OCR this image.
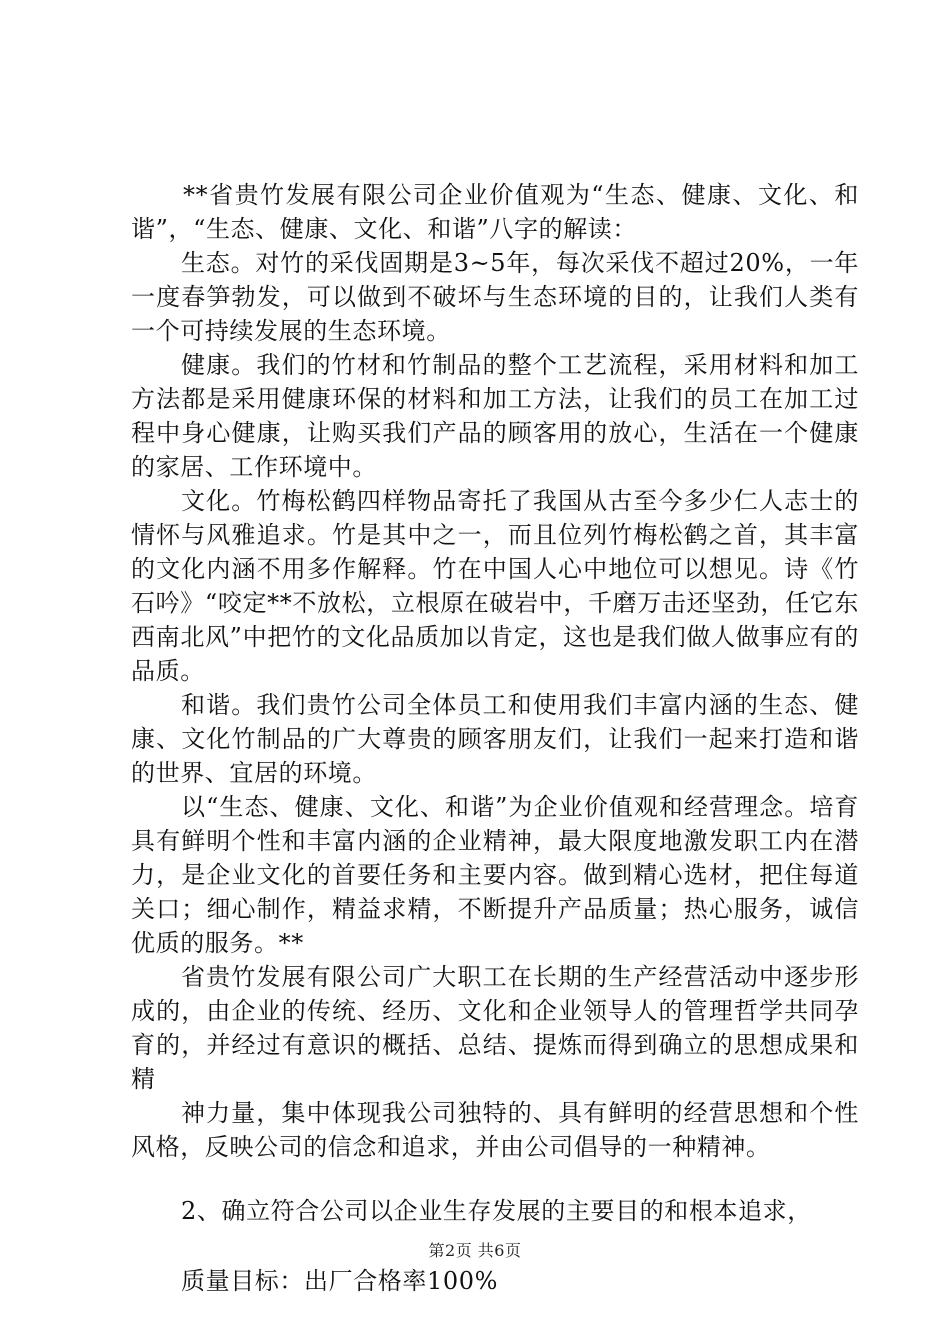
**省贵竹发展有限公司企业价值观为“生态、健康、文化、和谐”，“生态、健康、文化、和谐”八字的解读：

生态。对竹的采伐固期是3~5年，每次采伐不超过20%，一年一度春笋勃发，可以做到不破坏与生态环境的目的，让我们人类有一个可持续发展的生态环境。

健康。我们的竹材和竹制品的整个工艺流程，采用材料和加工方法都是采用健康环保的材料和加工方法，让我们的员工在加工过程中身心健康，让购买我们产品的顾客用的放心，生活在一个健康的家居、工作环境中。

文化。竹梅松鹤四样物品寄托了我国从古至今多少仁人志士的情怀与风雅追求。竹是其中之一，而且位列竹梅松鹤之首，其丰富的文化内涵不用多作解释。竹在中国人心中地位可以想见。诗《竹石吟》“咬定**不放松，立根原在破岩中，千磨万击还坚劲，任它东西南北风”中把竹的文化品质加以肯定，这也是我们做人做事应有的品质。

和谐。我们贵竹公司全体员工和使用我们丰富内涵的生态、健康、文化竹制品的广大尊贵的顾客朋友们，让我们一起来打造和谐的世界、宜居的环境。

以“生态、健康、文化、和谐”为企业价值观和经营理念。培育具有鲜明个性和丰富内涵的企业精神，最大限度地激发职工内在潜力，是企业文化的首要任务和主要内容。做到精心选材，把住每道关口；细心制作，精益求精，不断提升产品质量；热心服务，诚信优质的服务。**

省贵竹发展有限公司广大职工在长期的生产经营活动中逐步形成的，由企业的传统、经历、文化和企业领导人的管理哲学共同孕育的，并经过有意识的概括、总结、提炼而得到确立的思想成果和精

神力量，集中体现我公司独特的、具有鲜明的经营思想和个性风格，反映公司的信念和追求，并由公司倡导的一种精神。

2、确立符合公司以企业生存发展的主要目的和根本追求，

质量目标：出厂合格率100%

第2页 共6页
